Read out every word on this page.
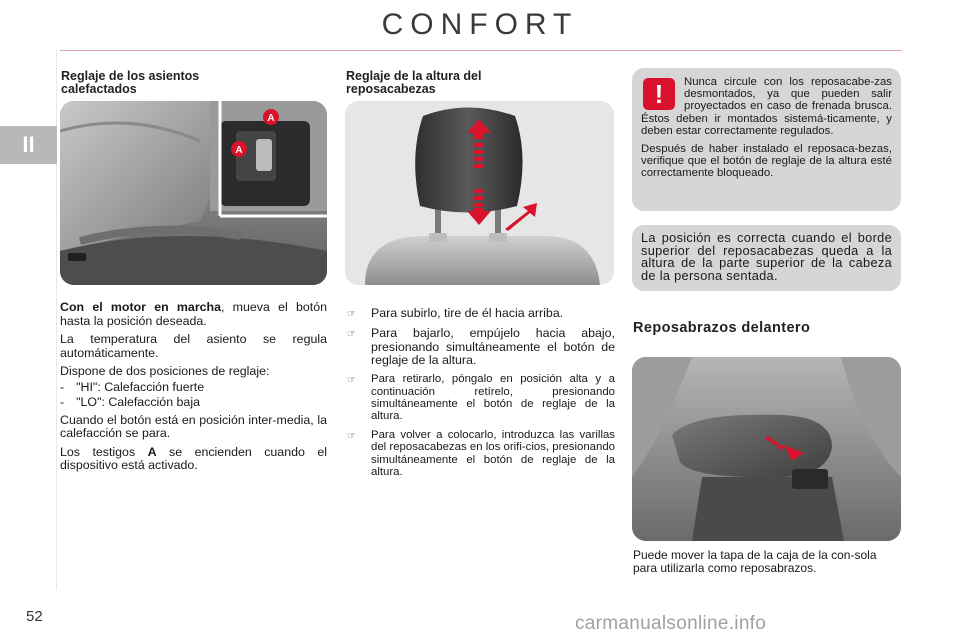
CONFORT
II
Reglaje de los asientos calefactados
A
A

Con el motor en marcha, mueva el botón hasta la posición deseada.

La temperatura del asiento se regula automáticamente.

Dispone de dos posiciones de reglaje:

- "HI": Calefacción fuerte
- "LO": Calefacción baja

Cuando el botón está en posición inter-media, la calefacción se para.

Los testigos A se encienden cuando el dispositivo está activado.

Reglaje de la altura del reposacabezas
☞	Para subirlo, tire de él hacia arriba.
☞	Para bajarlo, empújelo hacia abajo, presionando simultáneamente el botón de reglaje de la altura.
☞	Para retirarlo, póngalo en posición alta y a continuación retírelo, presionando simultáneamente el botón de reglaje de la altura.
☞	Para volver a colocarlo, introduzca las varillas del reposacabezas en los orifi-cios, presionando simultáneamente el botón de reglaje de la altura.
!	Nunca circule con los reposacabe-zas desmontados, ya que pueden salir proyectados en caso de frenada brusca. Éstos deben ir montados sistemá-ticamente, y deben estar correctamente regulados.

Después de haber instalado el reposaca-bezas, verifique que el botón de reglaje de la altura esté correctamente bloqueado.

La posición es correcta cuando el borde superior del reposacabezas queda a la altura de la parte superior de la cabeza de la persona sentada.
Reposabrazos delantero
Puede mover la tapa de la caja de la con-sola para utilizarla como reposabrazos.
52	carmanualsonline.info
